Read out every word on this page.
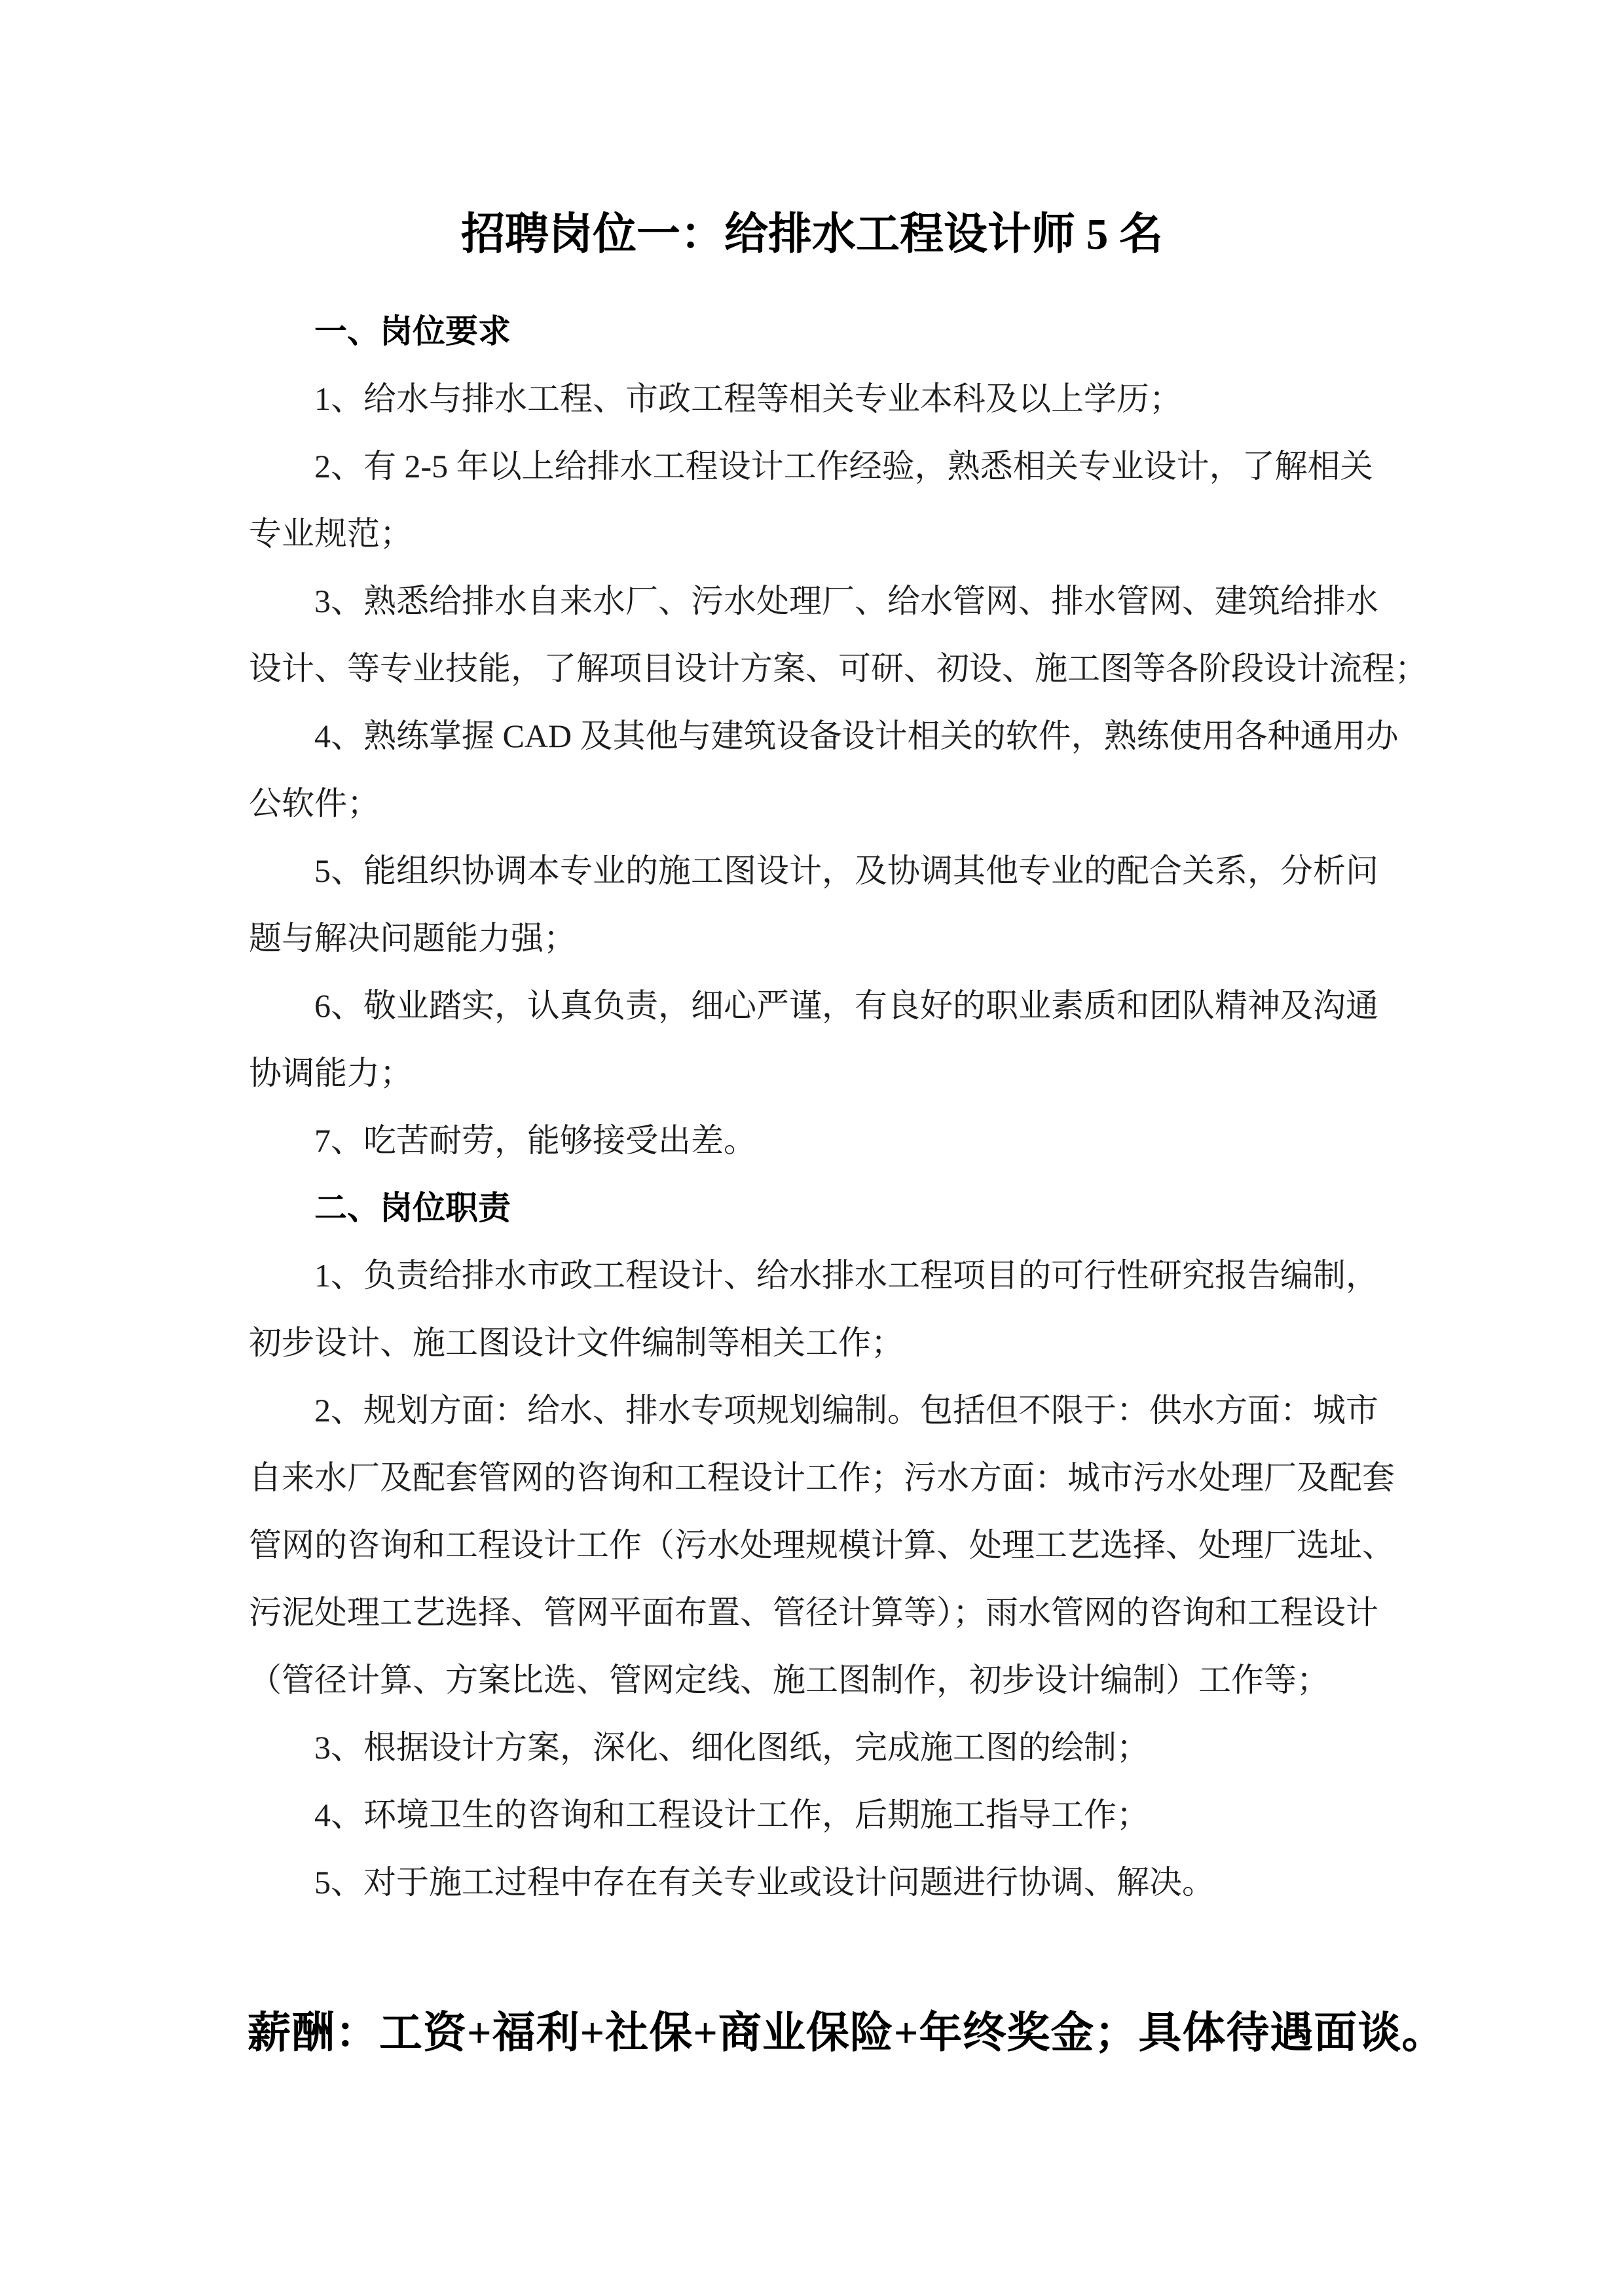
招聘岗位一：给排水工程设计师 5 名
一、岗位要求
1、给水与排水工程、市政工程等相关专业本科及以上学历；
2、有 2-5 年以上给排水工程设计工作经验，熟悉相关专业设计，了解相关
专业规范；
3、熟悉给排水自来水厂、污水处理厂、给水管网、排水管网、建筑给排水
设计、等专业技能，了解项目设计方案、可研、初设、施工图等各阶段设计流程；
4、熟练掌握 CAD 及其他与建筑设备设计相关的软件，熟练使用各种通用办
公软件；
5、能组织协调本专业的施工图设计，及协调其他专业的配合关系，分析问
题与解决问题能力强；
6、敬业踏实，认真负责，细心严谨，有良好的职业素质和团队精神及沟通
协调能力；
7、吃苦耐劳，能够接受出差。
二、岗位职责
1、负责给排水市政工程设计、给水排水工程项目的可行性研究报告编制，
初步设计、施工图设计文件编制等相关工作；
2、规划方面：给水、排水专项规划编制。包括但不限于：供水方面：城市
自来水厂及配套管网的咨询和工程设计工作；污水方面：城市污水处理厂及配套
管网的咨询和工程设计工作（污水处理规模计算、处理工艺选择、处理厂选址、
污泥处理工艺选择、管网平面布置、管径计算等）；雨水管网的咨询和工程设计
（管径计算、方案比选、管网定线、施工图制作，初步设计编制）工作等；
3、根据设计方案，深化、细化图纸，完成施工图的绘制；
4、环境卫生的咨询和工程设计工作，后期施工指导工作；
5、对于施工过程中存在有关专业或设计问题进行协调、解决。
薪酬：工资+福利+社保+商业保险+年终奖金；具体待遇面谈。
